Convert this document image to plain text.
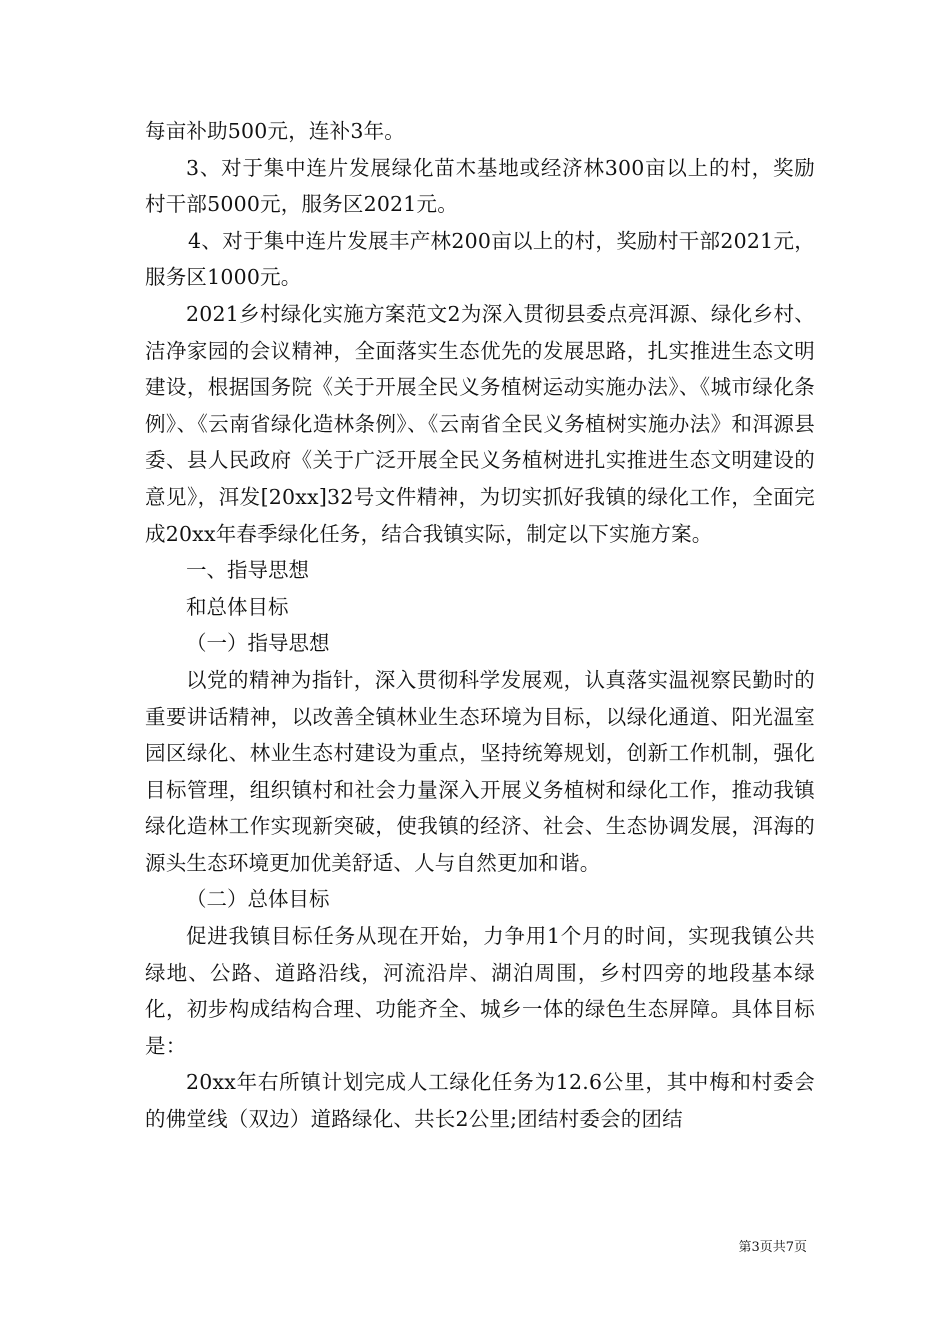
每亩补助500元，连补3年。

3、对于集中连片发展绿化苗木基地或经济林300亩以上的村，奖励村干部5000元，服务区2021元。

4、对于集中连片发展丰产林200亩以上的村，奖励村干部2021元，服务区1000元。

2021乡村绿化实施方案范文2为深入贯彻县委点亮洱源、绿化乡村、洁净家园的会议精神，全面落实生态优先的发展思路，扎实推进生态文明建设，根据国务院《关于开展全民义务植树运动实施办法》、《城市绿化条例》、《云南省绿化造林条例》、《云南省全民义务植树实施办法》和洱源县委、县人民政府《关于广泛开展全民义务植树进扎实推进生态文明建设的意见》，洱发[20xx]32号文件精神，为切实抓好我镇的绿化工作，全面完成20xx年春季绿化任务，结合我镇实际，制定以下实施方案。

一、指导思想

和总体目标

（一）指导思想

以党的精神为指针，深入贯彻科学发展观，认真落实温视察民勤时的重要讲话精神，以改善全镇林业生态环境为目标，以绿化通道、阳光温室园区绿化、林业生态村建设为重点，坚持统筹规划，创新工作机制，强化目标管理，组织镇村和社会力量深入开展义务植树和绿化工作，推动我镇绿化造林工作实现新突破，使我镇的经济、社会、生态协调发展，洱海的源头生态环境更加优美舒适、人与自然更加和谐。

（二）总体目标

促进我镇目标任务从现在开始，力争用1个月的时间，实现我镇公共绿地、公路、道路沿线，河流沿岸、湖泊周围，乡村四旁的地段基本绿化，初步构成结构合理、功能齐全、城乡一体的绿色生态屏障。具体目标是：

20xx年右所镇计划完成人工绿化任务为12.6公里，其中梅和村委会的佛堂线（双边）道路绿化、共长2公里;团结村委会的团结

第3页共7页
